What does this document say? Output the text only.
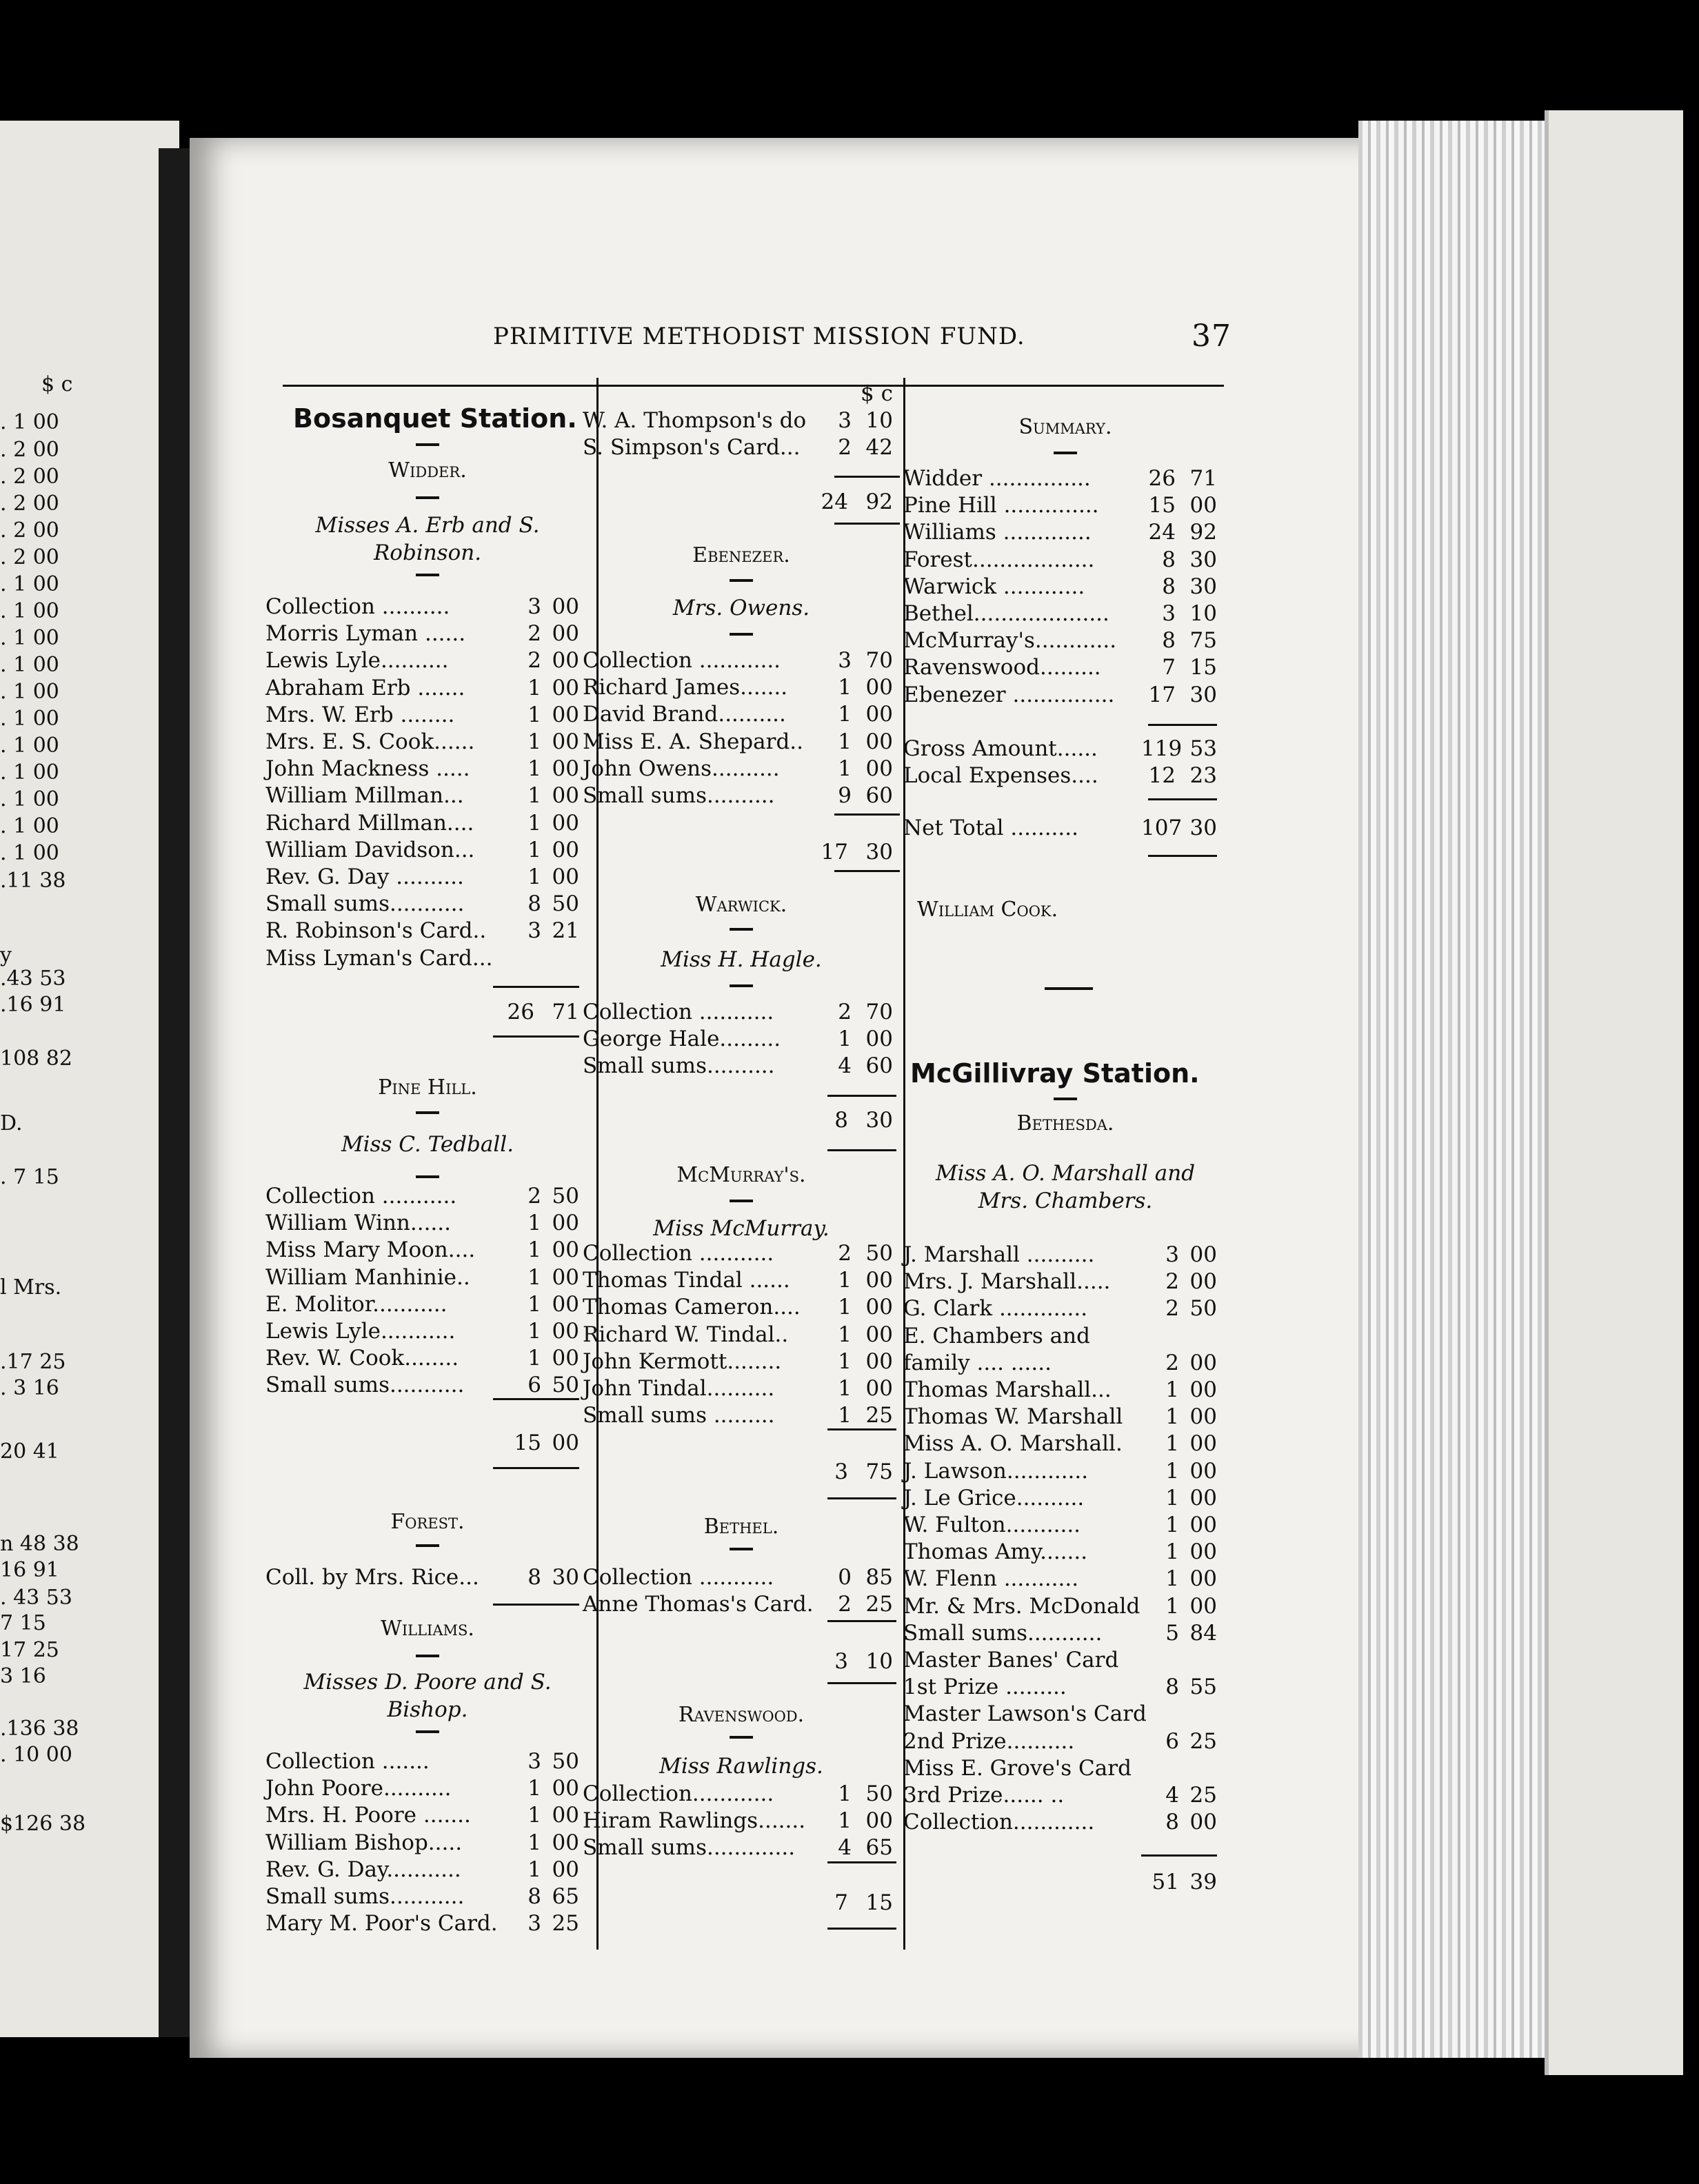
$ c
. 1 00
. 2 00
. 2 00
. 2 00
. 2 00
. 2 00
. 1 00
. 1 00
. 1 00
. 1 00
. 1 00
. 1 00
. 1 00
. 1 00
. 1 00
. 1 00
. 1 00
.11 38
y
.43 53
.16 91
108 82
D.
. 7 15
l Mrs.
.17 25
. 3 16
20 41
n 48 38
16 91
. 43 53
7 15
17 25
3 16
.136 38
. 10 00
$126 38
PRIMITIVE METHODIST MISSION FUND.	37
Bosanquet Station.
Widder.
Misses A. Erb and S. Robinson.
Collection ..........	3 00
Morris Lyman ......	2 00
Lewis Lyle..........	2 00
Abraham Erb .......	1 00
Mrs. W. Erb ........	1 00
Mrs. E. S. Cook......	1 00
John Mackness .....	1 00
William Millman...	1 00
Richard Millman....	1 00
William Davidson...	1 00
Rev. G. Day ..........	1 00
Small sums...........	8 50
R. Robinson's Card..	3 21
Miss Lyman's Card...
26 71
Pine Hill.
Miss C. Tedball.
Collection ...........	2 50
William Winn......	1 00
Miss Mary Moon....	1 00
William Manhinie..	1 00
E. Molitor...........	1 00
Lewis Lyle...........	1 00
Rev. W. Cook........	1 00
Small sums...........	6 50
15 00
Forest.
Coll. by Mrs. Rice...	8 30
Williams.
Misses D. Poore and S. Bishop.
Collection .......	3 50
John Poore..........	1 00
Mrs. H. Poore .......	1 00
William Bishop.....	1 00
Rev. G. Day...........	1 00
Small sums...........	8 65
Mary M. Poor's Card.	3 25
$ c
W. A. Thompson's do	3 10
S. Simpson's Card...	2 42
24 92
Ebenezer.
Mrs. Owens.
Collection ............	3 70
Richard James.......	1 00
David Brand..........	1 00
Miss E. A. Shepard..	1 00
John Owens..........	1 00
Small sums..........	9 60
17 30
Warwick.
Miss H. Hagle.
Collection ...........	2 70
George Hale.........	1 00
Small sums..........	4 60
8 30
McMurray's.
Miss McMurray.
Collection ...........	2 50
Thomas Tindal ......	1 00
Thomas Cameron....	1 00
Richard W. Tindal..	1 00
John Kermott........	1 00
John Tindal..........	1 00
Small sums .........	1 25
3 75
Bethel.
Collection ...........	0 85
Anne Thomas's Card.	2 25
3 10
Ravenswood.
Miss Rawlings.
Collection............	1 50
Hiram Rawlings.......	1 00
Small sums.............	4 65
7 15
Summary.
Widder ...............	26 71
Pine Hill ..............	15 00
Williams .............	24 92
Forest..................	8 30
Warwick ............	8 30
Bethel....................	3 10
McMurray's............	8 75
Ravenswood.........	7 15
Ebenezer ...............	17 30
Gross Amount...... 119 53
Local Expenses....	12 23
Net Total ..........	107 30
William Cook.
McGillivray Station.
Bethesda.
Miss A. O. Marshall and Mrs. Chambers.
J. Marshall ..........	3 00
Mrs. J. Marshall.....	2 00
G. Clark .............	2 50
E. Chambers and
family .... ......	2 00
Thomas Marshall...	1 00
Thomas W. Marshall	1 00
Miss A. O. Marshall.	1 00
J. Lawson............	1 00
J. Le Grice..........	1 00
W. Fulton...........	1 00
Thomas Amy.......	1 00
W. Flenn ...........	1 00
Mr. & Mrs. McDonald	1 00
Small sums...........	5 84
Master Banes' Card
1st Prize .........	8 55
Master Lawson's Card
2nd Prize..........	6 25
Miss E. Grove's Card
3rd Prize...... ..	4 25
Collection............	8 00
51 39
